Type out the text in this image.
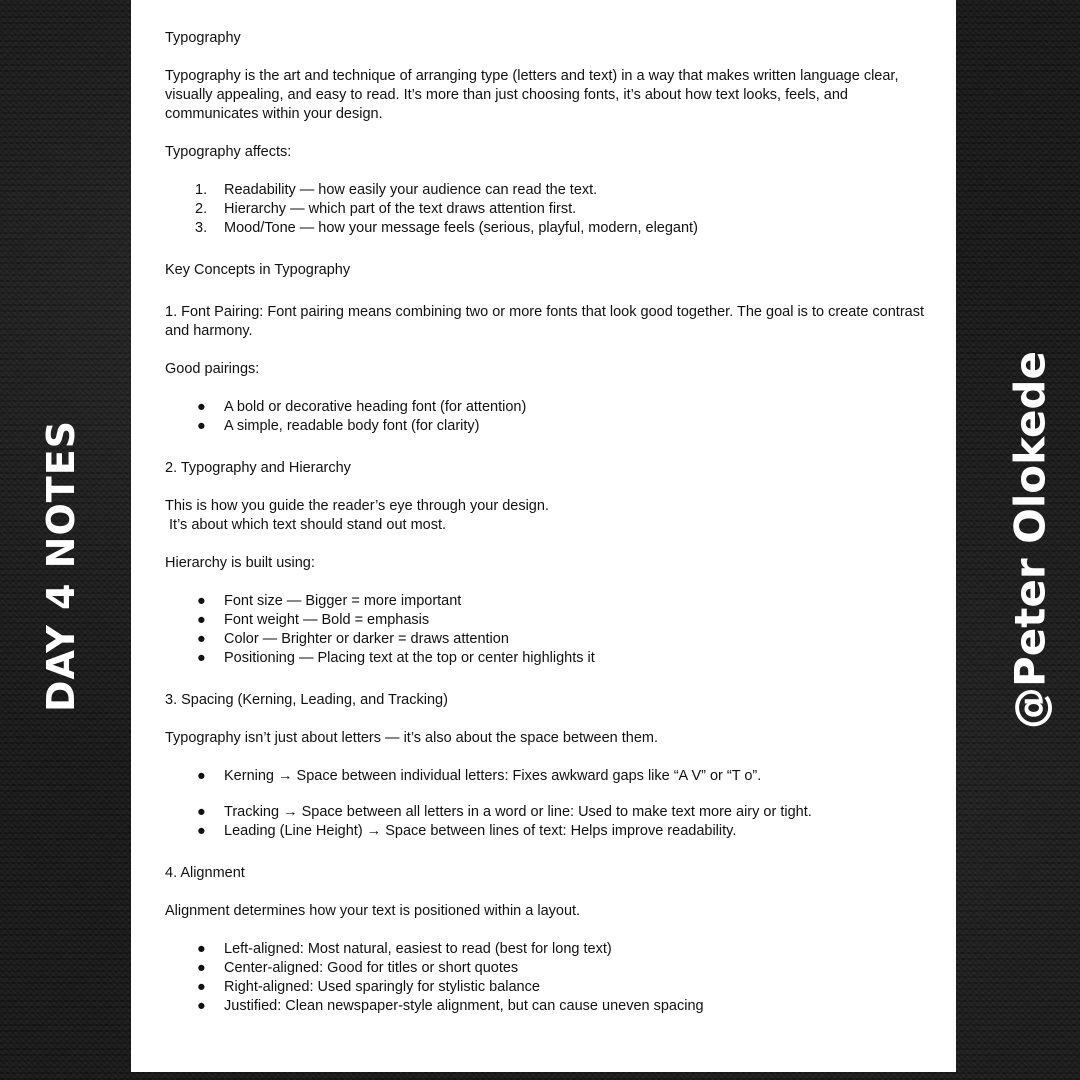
DAY 4 NOTES	@Peter Olokede

Typography

Typography is the art and technique of arranging type (letters and text) in a way that makes written language clear, visually appealing, and easy to read. It’s more than just choosing fonts, it’s about how text looks, feels, and communicates within your design.

Typography affects:

1. Readability — how easily your audience can read the text.
2. Hierarchy — which part of the text draws attention first.
3. Mood/Tone — how your message feels (serious, playful, modern, elegant)

Key Concepts in Typography

1. Font Pairing: Font pairing means combining two or more fonts that look good together. The goal is to create contrast and harmony.

Good pairings:

● A bold or decorative heading font (for attention)
● A simple, readable body font (for clarity)

2. Typography and Hierarchy

This is how you guide the reader’s eye through your design.

It’s about which text should stand out most.

Hierarchy is built using:

● Font size — Bigger = more important
● Font weight — Bold = emphasis
● Color — Brighter or darker = draws attention
● Positioning — Placing text at the top or center highlights it

3. Spacing (Kerning, Leading, and Tracking)

Typography isn’t just about letters — it’s also about the space between them.

● Kerning → Space between individual letters: Fixes awkward gaps like “A V” or “T o”.
● Tracking → Space between all letters in a word or line: Used to make text more airy or tight.
● Leading (Line Height) → Space between lines of text: Helps improve readability.

4. Alignment

Alignment determines how your text is positioned within a layout.

● Left-aligned: Most natural, easiest to read (best for long text)
● Center-aligned: Good for titles or short quotes
● Right-aligned: Used sparingly for stylistic balance
● Justified: Clean newspaper-style alignment, but can cause uneven spacing
